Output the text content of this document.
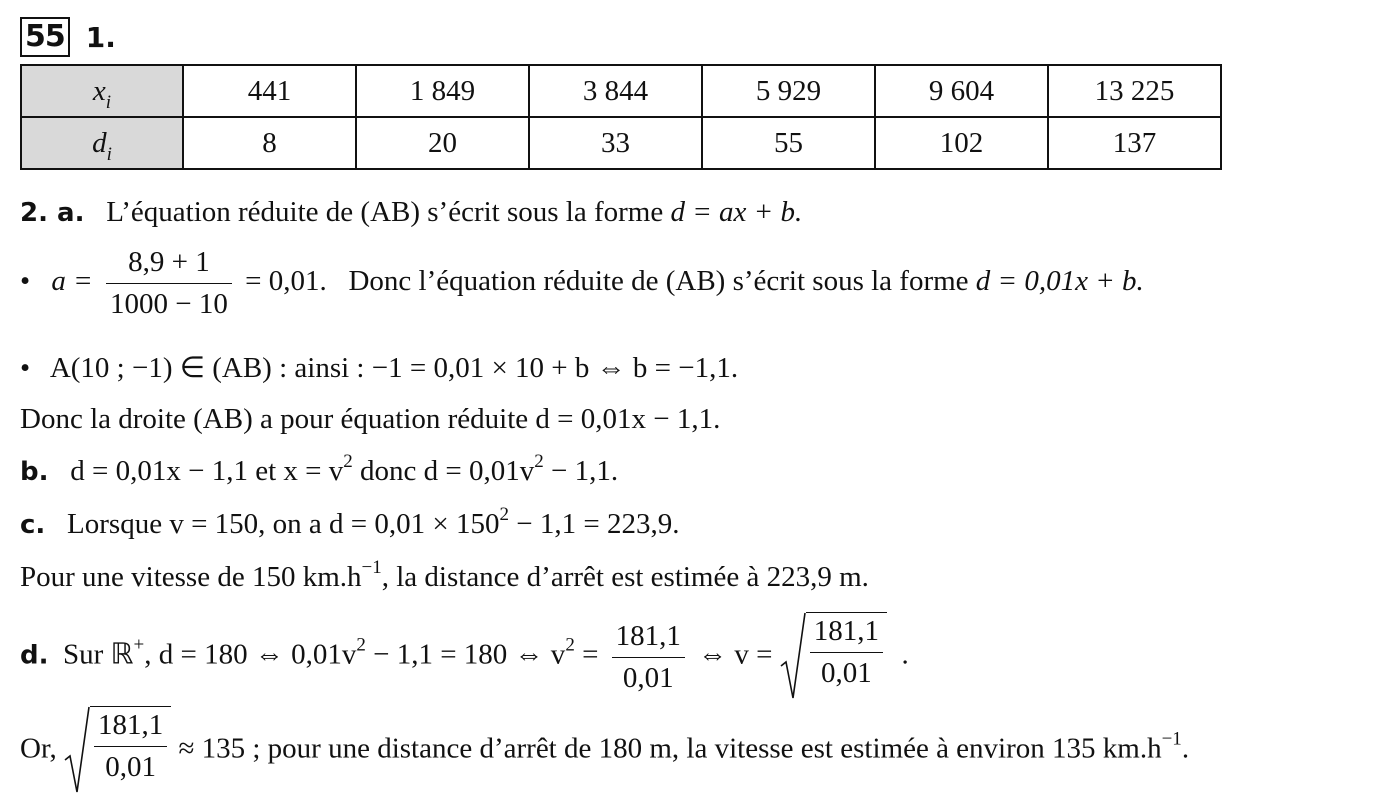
55 1.
$x_i$	441	1 849	3 844	5 929	9 604	13 225
$d_i$	8	20	33	55	102	137
2. a. L’équation réduite de (AB) s’écrit sous la forme d = ax + b.
• $a = \frac{8,9 + 1}{1000 - 10} = 0,01$. Donc l’équation réduite de (AB) s’écrit sous la forme d = 0,01x + b.
• A(10 ; −1) ∈ (AB) : ainsi : −1 = 0,01 × 10 + b ⇔ b = −1,1.
Donc la droite (AB) a pour équation réduite d = 0,01x − 1,1.
b. d = 0,01x − 1,1 et $x = v^2$ donc $d = 0,01v^2 - 1,1$.
c. Lorsque v = 150, on a $d = 0,01 \times 150^2 - 1,1 = 223,9$.
Pour une vitesse de 150 $km.h^{-1}$, la distance d’arrêt est estimée à 223,9 m.
d. Sur ℝ+, d = 180 ⇔ $0,01v^2 - 1,1 = 180$ ⇔ $v^2 = \frac{181,1}{0,01}$ ⇔ $v = \frac{181,1}{0,01}$ .
Or, $\frac{181,1}{0,01} \approx 135$ ; pour une distance d’arrêt de 180 m, la vitesse est estimée à environ 135 $km.h^{-1}$.
